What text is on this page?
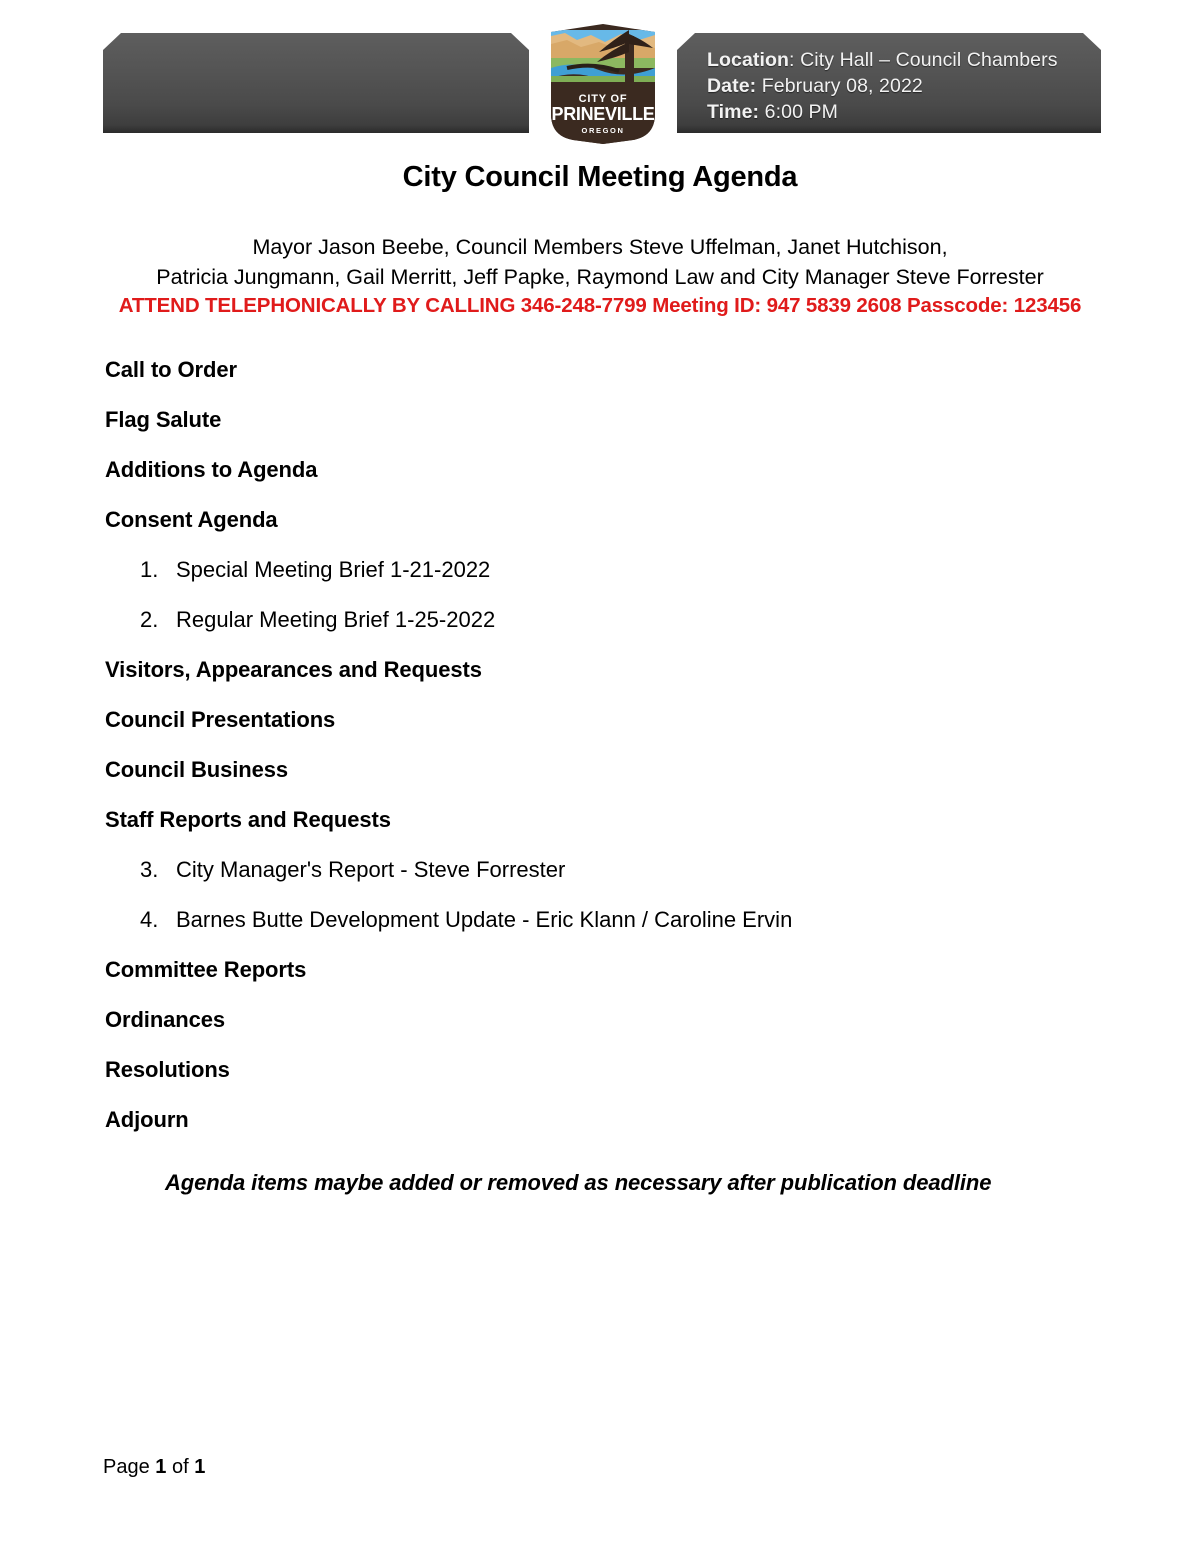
Location: City Hall – Council Chambers
Date: February 08, 2022
Time: 6:00 PM
CITY OF
PRINEVILLE
OREGON
City Council Meeting Agenda
Mayor Jason Beebe, Council Members Steve Uffelman, Janet Hutchison,
Patricia Jungmann, Gail Merritt, Jeff Papke, Raymond Law and City Manager Steve Forrester
ATTEND TELEPHONICALLY BY CALLING 346-248-7799 Meeting ID: 947 5839 2608 Passcode: 123456
Call to Order
Flag Salute
Additions to Agenda
Consent Agenda
1. Special Meeting Brief 1-21-2022
2. Regular Meeting Brief 1-25-2022
Visitors, Appearances and Requests
Council Presentations
Council Business
Staff Reports and Requests
3. City Manager's Report - Steve Forrester
4. Barnes Butte Development Update - Eric Klann / Caroline Ervin
Committee Reports
Ordinances
Resolutions
Adjourn
Agenda items maybe added or removed as necessary after publication deadline
Page 1 of 1
